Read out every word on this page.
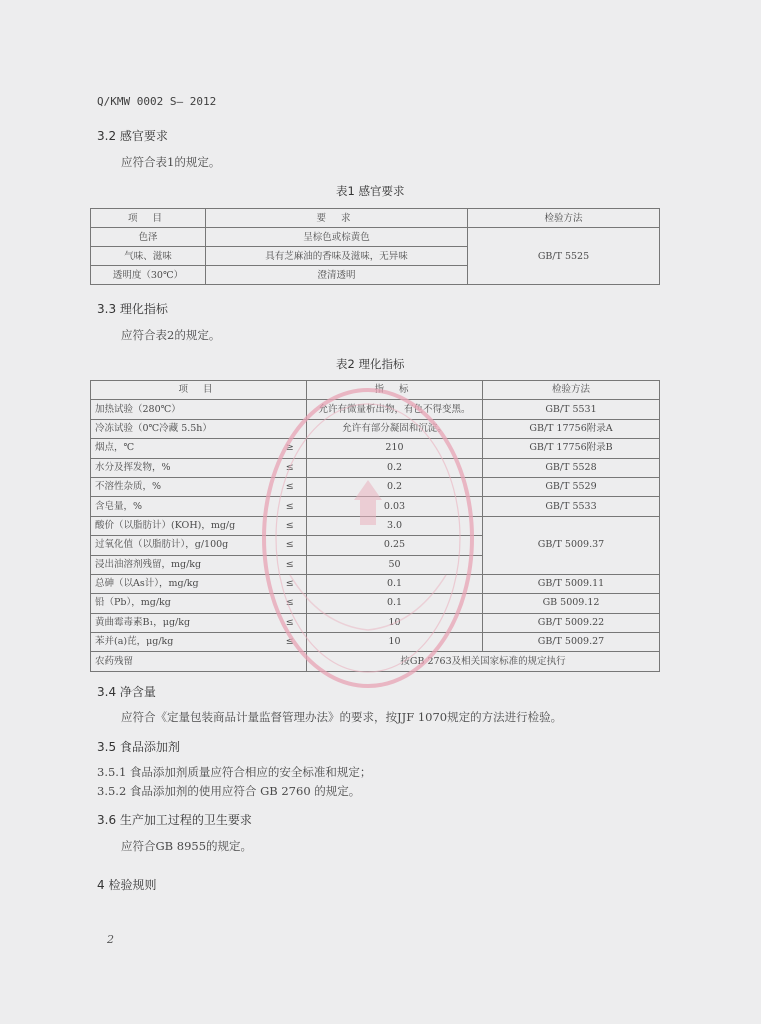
Q/KMW 0002 S— 2012
3.2 感官要求
应符合表1的规定。
表1 感官要求
项 目	要 求	检验方法
色泽	呈棕色或棕黄色	GB/T 5525
气味、滋味	具有芝麻油的香味及滋味，无异味	
透明度（30℃）	澄清透明	
3.3 理化指标
应符合表2的规定。
表2 理化指标
项 目		指 标	检验方法
加热试验（280℃）		允许有微量析出物，有色不得变黑。	GB/T 5531
冷冻试验（0℃冷藏 5.5h）		允许有部分凝固和沉淀。	GB/T 17756附录A
烟点，℃	≥	210	GB/T 17756附录B
水分及挥发物，%	≤	0.2	GB/T 5528
不溶性杂质，%	≤	0.2	GB/T 5529
含皂量，%	≤	0.03	GB/T 5533
酸价（以脂肪计）(KOH)，mg/g	≤	3.0	GB/T 5009.37
过氧化值（以脂肪计），g/100g	≤	0.25	
浸出油溶剂残留，mg/kg	≤	50	
总砷（以As计），mg/kg	≤	0.1	GB/T 5009.11
铅（Pb），mg/kg	≤	0.1	GB 5009.12
黄曲霉毒素B₁，μg/kg	≤	10	GB/T 5009.22
苯并(a)芘，μg/kg	≤	10	GB/T 5009.27
农药残留		按GB 2763及相关国家标准的规定执行	
3.4 净含量
应符合《定量包装商品计量监督管理办法》的要求，按JJF 1070规定的方法进行检验。
3.5 食品添加剂
3.5.1 食品添加剂质量应符合相应的安全标准和规定；
3.5.2 食品添加剂的使用应符合 GB 2760 的规定。
3.6 生产加工过程的卫生要求
应符合GB 8955的规定。
4 检验规则
2
